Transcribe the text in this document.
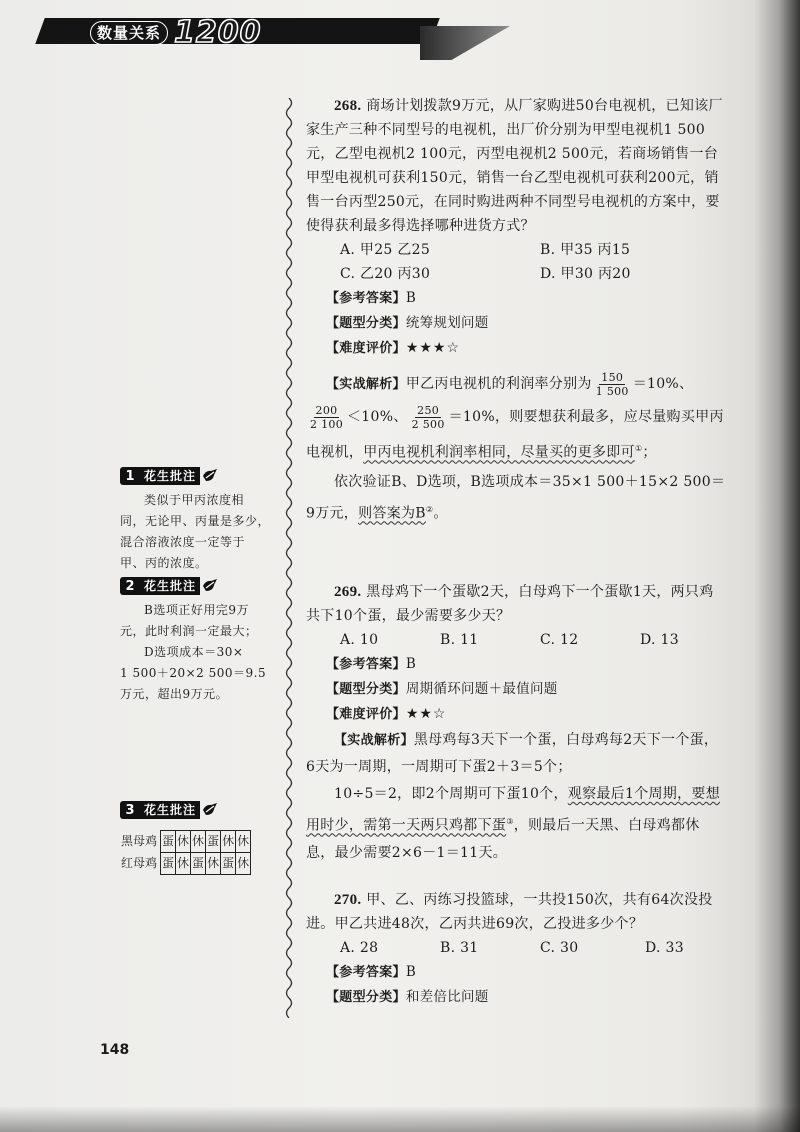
数量关系 1200
1 花生批注

类似于甲丙浓度相

同，无论甲、丙量是多少，

混合溶液浓度一定等于

甲、丙的浓度。

2 花生批注

B选项正好用完9万

元，此时利润一定最大；

D选项成本＝30×

1 500＋20×2 500＝9.5

万元，超出9万元。

3 花生批注
黑母鸡	蛋	休	休	蛋	休	休
红母鸡	蛋	休	蛋	休	蛋	休

268. 商场计划拨款9万元，从厂家购进50台电视机，已知该厂家生产三种不同型号的电视机，出厂价分别为甲型电视机1 500元，乙型电视机2 100元，丙型电视机2 500元，若商场销售一台甲型电视机可获利150元，销售一台乙型电视机可获利200元，销售一台丙型250元，在同时购进两种不同型号电视机的方案中，要使得获利最多得选择哪种进货方式？

A. 甲25 乙25	B. 甲35 丙15
C. 乙20 丙30	D. 甲30 丙20

【参考答案】B

【题型分类】统筹规划问题

【难度评价】★★★☆

【实战解析】甲乙丙电视机的利润率分别为 $\frac{150}{1 500} =10\%$、

$\frac{200}{2 100} <10\%$、 $\frac{250}{2 500} =10\%$，则要想获利最多，应尽量购买甲丙

电视机，甲丙电视机利润率相同，尽量买的更多即可①；

依次验证B、D选项，B选项成本＝35×1 500＋15×2 500＝

9万元，则答案为B②。

269. 黑母鸡下一个蛋歇2天，白母鸡下一个蛋歇1天，两只鸡共下10个蛋，最少需要多少天？

A. 10	B. 11	C. 12	D. 13

【参考答案】B

【题型分类】周期循环问题＋最值问题

【难度评价】★★☆

【实战解析】黑母鸡每3天下一个蛋，白母鸡每2天下一个蛋，6天为一周期，一周期可下蛋2＋3＝5个；

10÷5＝2，即2个周期可下蛋10个，观察最后1个周期，要想用时少，需第一天两只鸡都下蛋③，则最后一天黑、白母鸡都休息，最少需要2×6－1＝11天。

270. 甲、乙、丙练习投篮球，一共投150次，共有64次没投进。甲乙共进48次，乙丙共进69次，乙投进多少个？

A. 28	B. 31	C. 30	D. 33

【参考答案】B

【题型分类】和差倍比问题

148
